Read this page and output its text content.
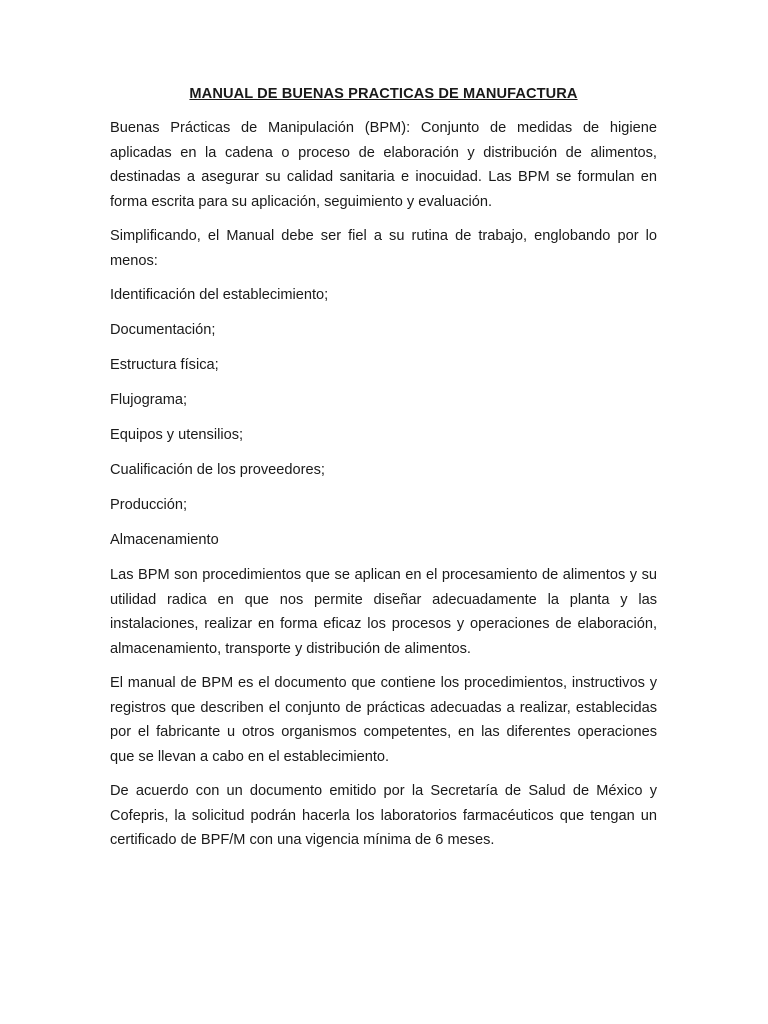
MANUAL DE BUENAS PRACTICAS DE MANUFACTURA

Buenas Prácticas de Manipulación (BPM): Conjunto de medidas de higiene aplicadas en la cadena o proceso de elaboración y distribución de alimentos, destinadas a asegurar su calidad sanitaria e inocuidad. Las BPM se formulan en forma escrita para su aplicación, seguimiento y evaluación.

Simplificando, el Manual debe ser fiel a su rutina de trabajo, englobando por lo menos:

Identificación del establecimiento;

Documentación;

Estructura física;

Flujograma;

Equipos y utensilios;

Cualificación de los proveedores;

Producción;

Almacenamiento

Las BPM son procedimientos que se aplican en el procesamiento de alimentos y su utilidad radica en que nos permite diseñar adecuadamente la planta y las instalaciones, realizar en forma eficaz los procesos y operaciones de elaboración, almacenamiento, transporte y distribución de alimentos.

El manual de BPM es el documento que contiene los procedimientos, instructivos y registros que describen el conjunto de prácticas adecuadas a realizar, establecidas por el fabricante u otros organismos competentes, en las diferentes operaciones que se llevan a cabo en el establecimiento.

De acuerdo con un documento emitido por la Secretaría de Salud de México y Cofepris, la solicitud podrán hacerla los laboratorios farmacéuticos que tengan un certificado de BPF/M con una vigencia mínima de 6 meses.
